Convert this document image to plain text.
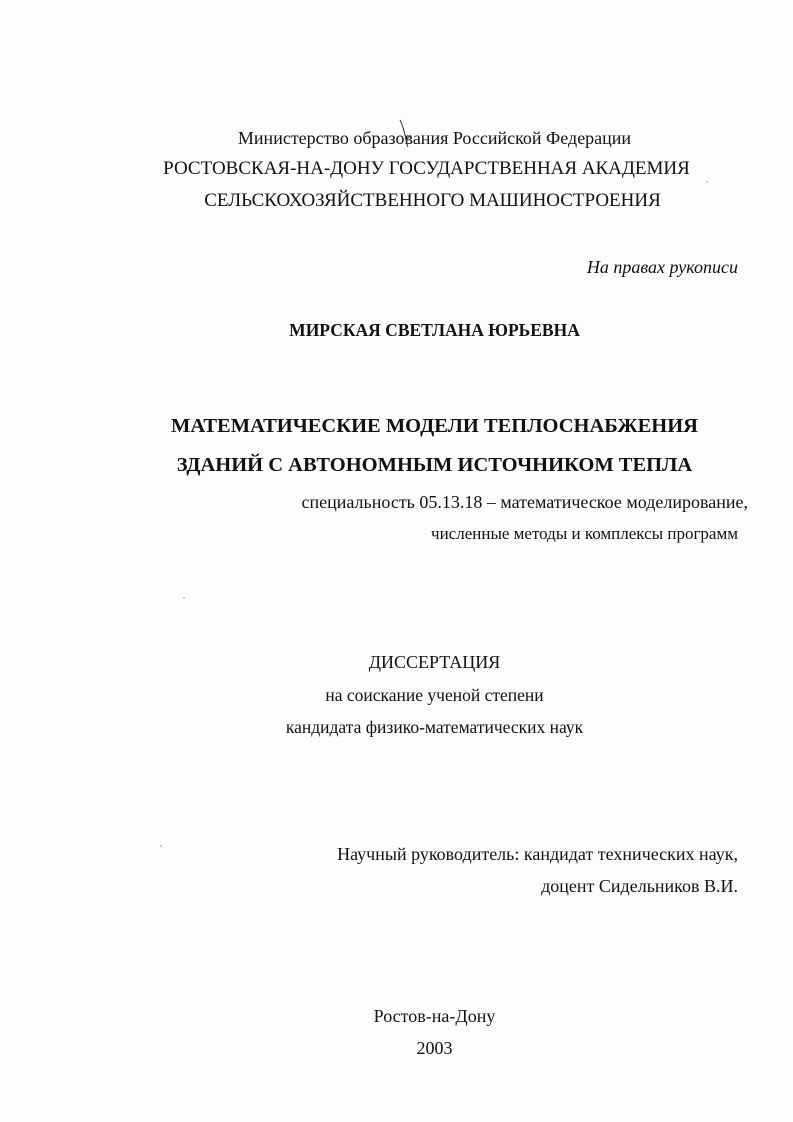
Министерство образования Российской Федерации
РОСТОВСКАЯ-НА-ДОНУ ГОСУДАРСТВЕННАЯ АКАДЕМИЯ
СЕЛЬСКОХОЗЯЙСТВЕННОГО МАШИНОСТРОЕНИЯ
На правах рукописи
МИРСКАЯ СВЕТЛАНА ЮРЬЕВНА
МАТЕМАТИЧЕСКИЕ МОДЕЛИ ТЕПЛОСНАБЖЕНИЯ
ЗДАНИЙ С АВТОНОМНЫМ ИСТОЧНИКОМ ТЕПЛА
специальность 05.13.18 – математическое моделирование,
численные методы и комплексы программ
ДИССЕРТАЦИЯ
на соискание ученой степени
кандидата физико-математических наук
Научный руководитель: кандидат технических наук,
доцент Сидельников В.И.
Ростов-на-Дону
2003
